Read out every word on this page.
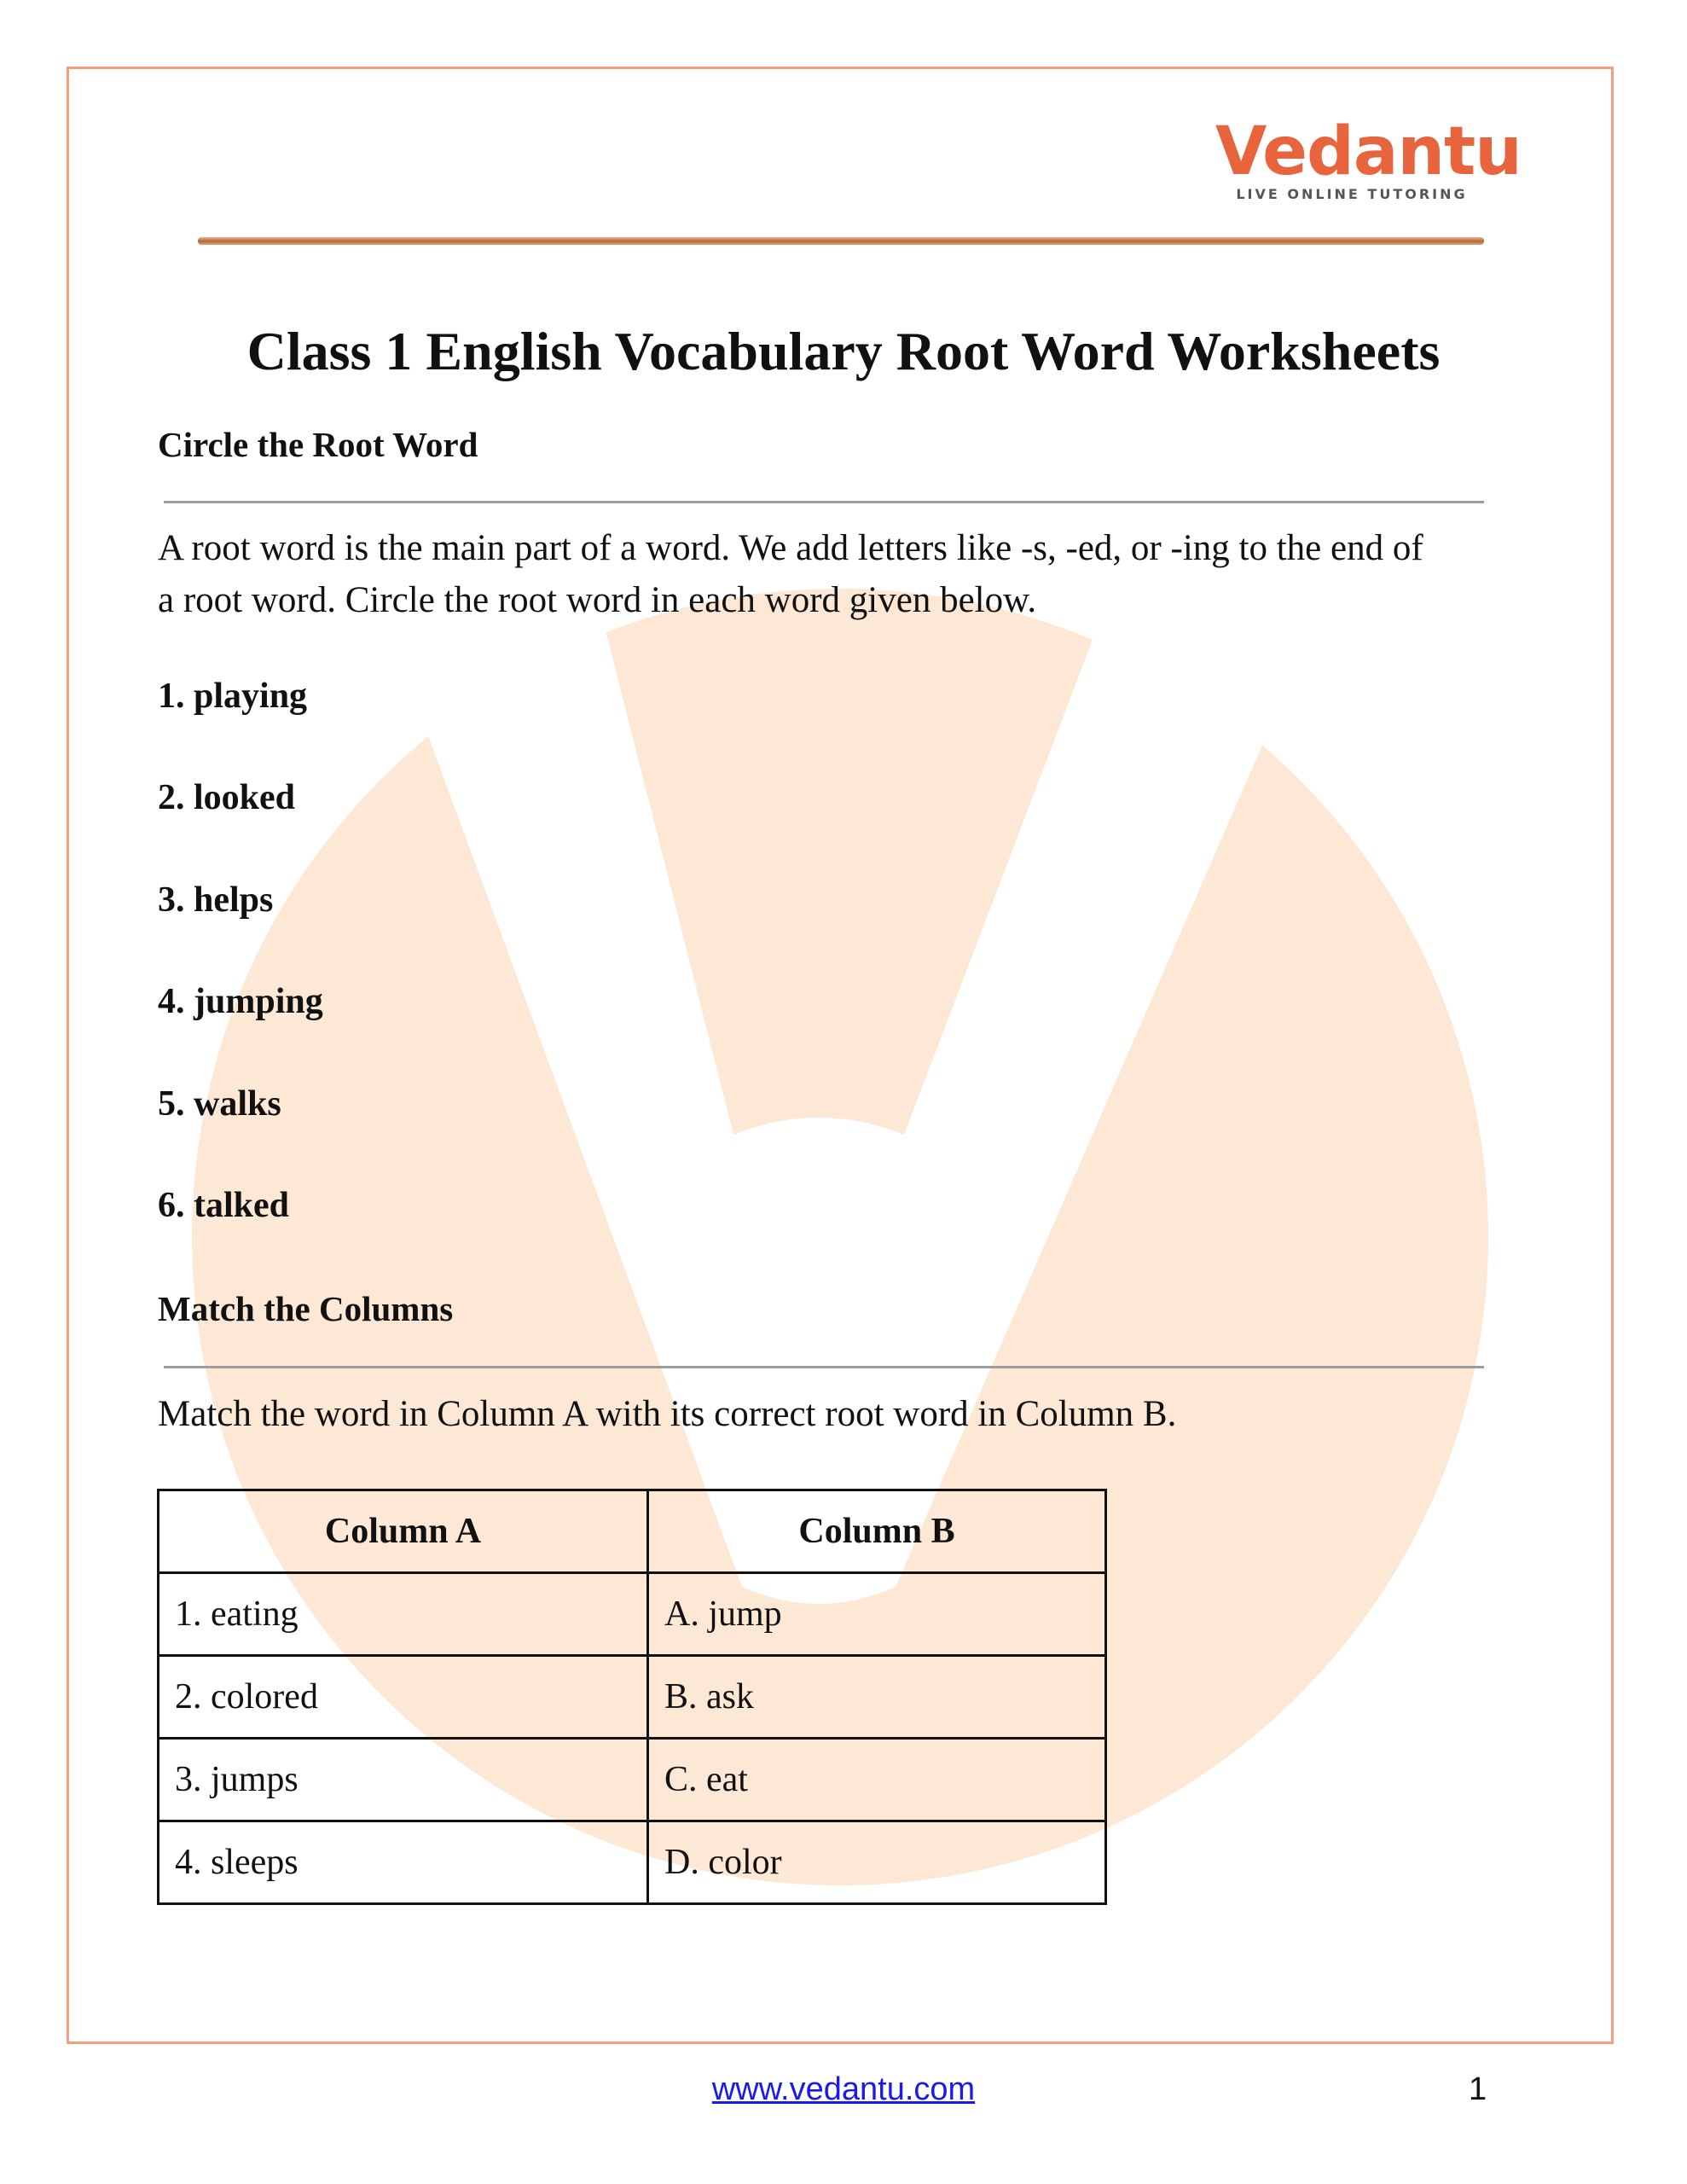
Vedantu
LIVE ONLINE TUTORING
Class 1 English Vocabulary Root Word Worksheets
Circle the Root Word

A root word is the main part of a word. We add letters like -s, -ed, or -ing to the end of
a root word. Circle the root word in each word given below.

1. playing
2. looked
3. helps
4. jumping
5. walks
6. talked
Match the Columns

Match the word in Column A with its correct root word in Column B.

Column A	Column B
1. eating	A. jump
2. colored	B. ask
3. jumps	C. eat
4. sleeps	D. color
www.vedantu.com	1
